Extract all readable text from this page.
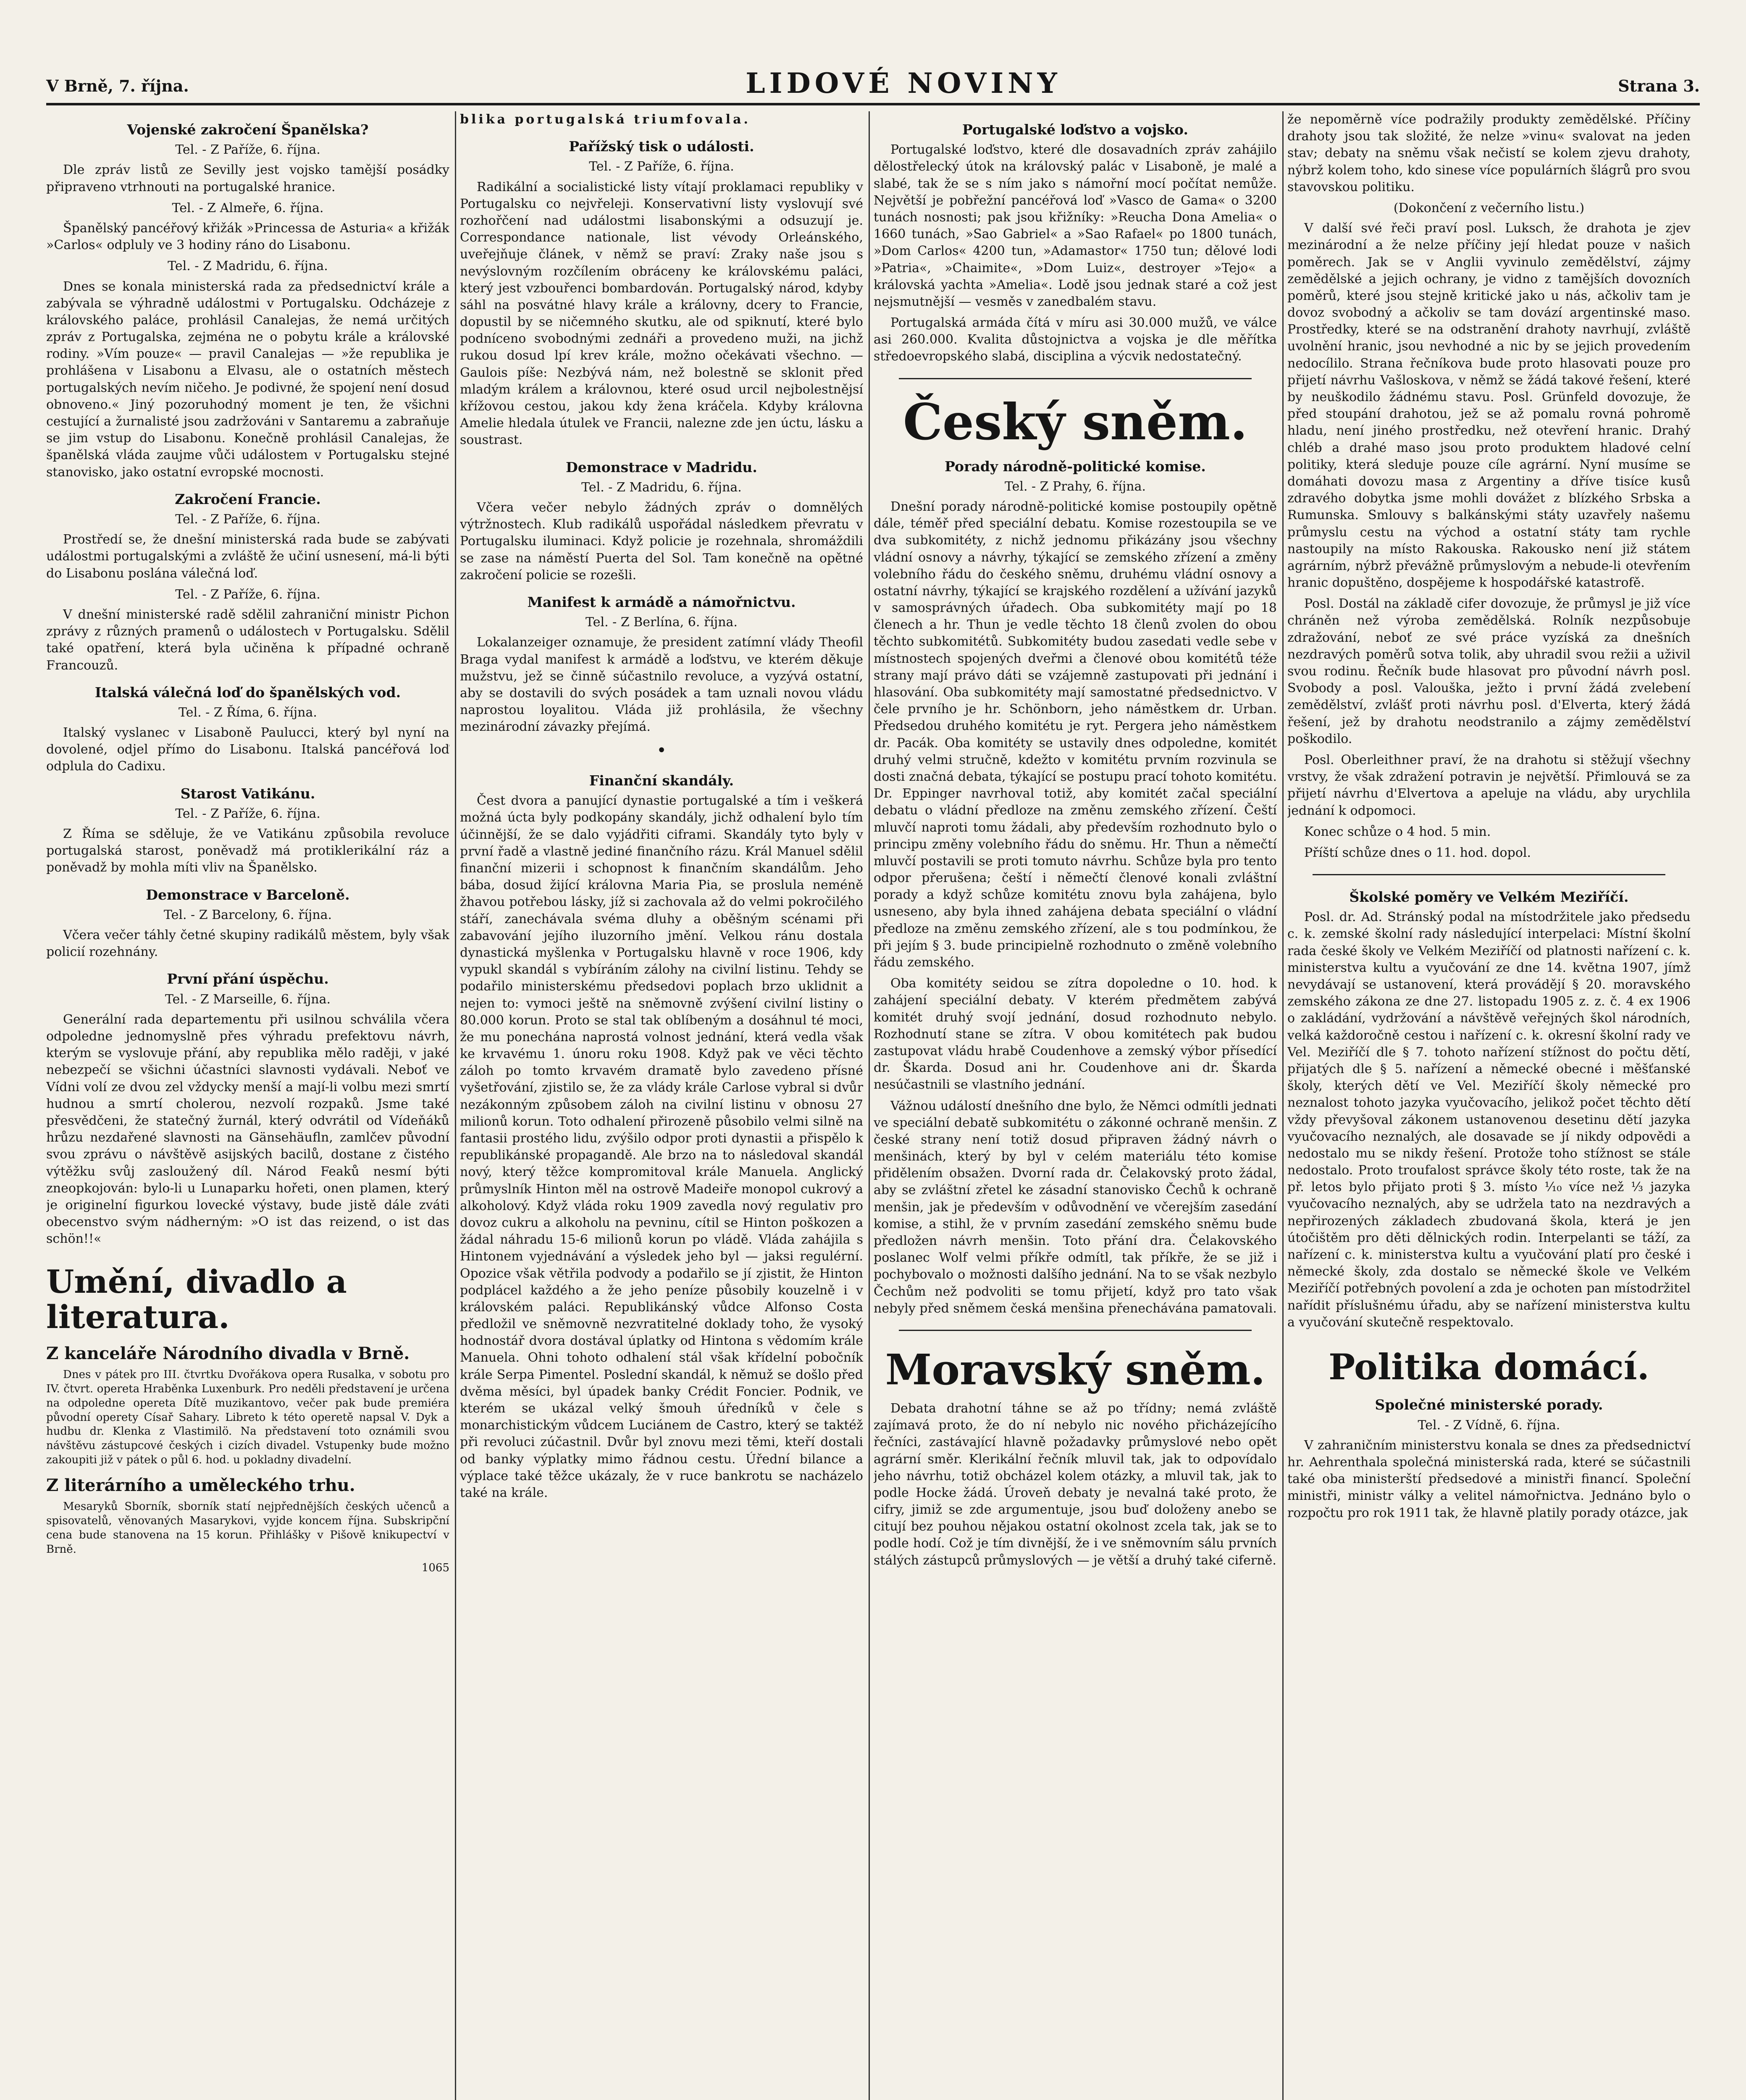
V Brně, 7. října.	LIDOVÉ NOVINY	Strana 3.
Vojenské zakročení Španělska?
Tel. - Z Paříže, 6. října.

Dle zpráv listů ze Sevilly jest vojsko tamější posádky připraveno vtrhnouti na portugalské hranice.

Tel. - Z Almeře, 6. října.

Španělský pancéřový křižák »Princessa de Asturia« a křižák »Carlos« odpluly ve 3 hodiny ráno do Lisabonu.

Tel. - Z Madridu, 6. října.

Dnes se konala ministerská rada za předsednictví krále a zabývala se výhradně událostmi v Portugalsku. Odcházeje z královského paláce, prohlásil Canalejas, že nemá určitých zpráv z Portugalska, zejména ne o pobytu krále a královské rodiny. »Vím pouze« — pravil Canalejas — »že republika je prohlášena v Lisabonu a Elvasu, ale o ostatních městech portugalských nevím ničeho. Je podivné, že spojení není dosud obnoveno.« Jiný pozoruhodný moment je ten, že všichni cestující a žurnalisté jsou zadržováni v Santaremu a zabraňuje se jim vstup do Lisabonu. Konečně prohlásil Canalejas, že španělská vláda zaujme vůči událostem v Portugalsku stejné stanovisko, jako ostatní evropské mocnosti.

Zakročení Francie.
Tel. - Z Paříže, 6. října.

Prostředí se, že dnešní ministerská rada bude se zabývati událostmi portugalskými a zvláště že učiní usnesení, má-li býti do Lisabonu poslána válečná loď.

Tel. - Z Paříže, 6. října.

V dnešní ministerské radě sdělil zahraniční ministr Pichon zprávy z různých pramenů o událostech v Portugalsku. Sdělil také opatření, která byla učiněna k případné ochraně Francouzů.

Italská válečná loď do španělských vod.
Tel. - Z Říma, 6. října.

Italský vyslanec v Lisaboně Paulucci, který byl nyní na dovolené, odjel přímo do Lisabonu. Italská pancéřová loď odplula do Cadixu.

Starost Vatikánu.
Tel. - Z Paříže, 6. října.

Z Říma se sděluje, že ve Vatikánu způsobila revoluce portugalská starost, poněvadž má protiklerikální ráz a poněvadž by mohla míti vliv na Španělsko.

Demonstrace v Barceloně.
Tel. - Z Barcelony, 6. října.

Včera večer táhly četné skupiny radikálů městem, byly však policií rozehnány.

První přání úspěchu.
Tel. - Z Marseille, 6. října.

Generální rada departementu při usilnou schválila včera odpoledne jednomyslně přes výhradu prefektovu návrh, kterým se vyslovuje přání, aby republika mělo raději, v jaké nebezpečí se všichni účastníci slavnosti vydávali. Neboť ve Vídni volí ze dvou zel vždycky menší a mají-li volbu mezi smrtí hudnou a smrtí cholerou, nezvolí rozpaků. Jsme také přesvědčeni, že statečný žurnál, který odvrátil od Vídeňáků hrůzu nezdařené slavnosti na Gänsehäufln, zamlčev původní svou zprávu o návštěvě asijských bacilů, dostane z čistého výtěžku svůj zasloužený díl. Národ Feaků nesmí býti zneopkojován: bylo-li u Lunaparku hořeti, onen plamen, který je originelní figurkou lovecké výstavy, bude jistě dále zváti obecenstvo svým nádherným: »O ist das reizend, o ist das schön!!«

Umění, divadlo a literatura.
Z kanceláře Národního divadla v Brně.

Dnes v pátek pro III. čtvrtku Dvořákova opera Rusalka, v sobotu pro IV. čtvrt. opereta Hraběnka Luxenburk. Pro neděli představení je určena na odpoledne opereta Dítě muzikantovo, večer pak bude premiéra původní operety Císař Sahary. Libreto k této operetě napsal V. Dyk a hudbu dr. Klenka z Vlastimilö. Na představení toto oznámili svou návštěvu zástupcové českých i cizích divadel. Vstupenky bude možno zakoupiti již v pátek o půl 6. hod. u pokladny divadelní.

Z literárního a uměleckého trhu.

Mesaryků Sborník, sborník statí nejpřednějších českých učenců a spisovatelů, věnovaných Masarykovi, vyjde koncem října. Subskripční cena bude stanovena na 15 korun. Přihlášky v Pišově knikupectví v Brně.

1065

blika portugalská triumfovala.

Pařížský tisk o události.
Tel. - Z Paříže, 6. října.

Radikální a socialistické listy vítají proklamaci republiky v Portugalsku co nejvřeleji. Konservativní listy vyslovují své rozhořčení nad událostmi lisabonskými a odsuzují je. Correspondance nationale, list vévody Orleánského, uveřejňuje článek, v němž se praví: Zraky naše jsou s nevýslovným rozčílením obráceny ke královskému paláci, který jest vzbouřenci bombardován. Portugalský národ, kdyby sáhl na posvátné hlavy krále a královny, dcery to Francie, dopustil by se ničemného skutku, ale od spiknutí, které bylo podníceno svobodnými zednáři a provedeno muži, na jichž rukou dosud lpí krev krále, možno očekávati všechno. — Gaulois píše: Nezbývá nám, než bolestně se sklonit před mladým králem a královnou, které osud urcil nejbolestnějsí křížovou cestou, jakou kdy žena kráčela. Kdyby královna Amelie hledala útulek ve Francii, nalezne zde jen úctu, lásku a soustrast.

Demonstrace v Madridu.
Tel. - Z Madridu, 6. října.

Včera večer nebylo žádných zpráv o domnělých výtržnostech. Klub radikálů uspořádal následkem převratu v Portugalsku iluminaci. Když policie je rozehnala, shromáždili se zase na náměstí Puerta del Sol. Tam konečně na opětné zakročení policie se rozešli.

Manifest k armádě a námořnictvu.
Tel. - Z Berlína, 6. října.

Lokalanzeiger oznamuje, že president zatímní vlády Theofil Braga vydal manifest k armádě a loďstvu, ve kterém děkuje mužstvu, jež se činně súčastnilo revoluce, a vyzývá ostatní, aby se dostavili do svých posádek a tam uznali novou vládu naprostou loyalitou. Vláda již prohlásila, že všechny mezinárodní závazky přejímá.

•
Finanční skandály.

Čest dvora a panující dynastie portugalské a tím i veškerá možná úcta byly podkopány skandály, jichž odhalení bylo tím účinnější, že se dalo vyjádřiti ciframi. Skandály tyto byly v první řadě a vlastně jediné finančního rázu. Král Manuel sdělil finanční mizerii i schopnost k finančním skandálům. Jeho bába, dosud žijící královna Maria Pia, se proslula neméně žhavou potřebou lásky, jíž si zachovala až do velmi pokročilého stáří, zanechávala svéma dluhy a oběšným scénami při zabavování jejího iluzorního jmění. Velkou ránu dostala dynastická myšlenka v Portugalsku hlavně v roce 1906, kdy vypukl skandál s vybíráním zálohy na civilní listinu. Tehdy se podařilo ministerskému předsedovi poplach brzo uklidnit a nejen to: vymoci ještě na sněmovně zvýšení civilní listiny o 80.000 korun. Proto se stal tak oblíbeným a dosáhnul té moci, že mu ponechána naprostá volnost jednání, která vedla však ke krvavému 1. únoru roku 1908. Když pak ve věci těchto záloh po tomto krvavém dramatě bylo zavedeno přísné vyšetřování, zjistilo se, že za vlády krále Carlose vybral si dvůr nezákonným způsobem záloh na civilní listinu v obnosu 27 milionů korun. Toto odhalení přirozeně působilo velmi silně na fantasii prostého lidu, zvýšilo odpor proti dynastii a přispělo k republikánské propagandě. Ale brzo na to následoval skandál nový, který těžce kompromitoval krále Manuela. Anglický průmyslník Hinton měl na ostrově Madeiře monopol cukrový a alkoholový. Když vláda roku 1909 zavedla nový regulativ pro dovoz cukru a alkoholu na pevninu, cítil se Hinton poškozen a žádal náhradu 15-6 milionů korun po vládě. Vláda zahájila s Hintonem vyjednávání a výsledek jeho byl — jaksi regulérní. Opozice však větřila podvody a podařilo se jí zjistit, že Hinton podplácel každého a že jeho peníze působily kouzelně i v královském paláci. Republikánský vůdce Alfonso Costa předložil ve sněmovně nezvratitelné doklady toho, že vysoký hodnostář dvora dostával úplatky od Hintona s vědomím krále Manuela. Ohni tohoto odhalení stál však křídelní pobočník krále Serpa Pimentel. Poslední skandál, k němuž se došlo před dvěma měsíci, byl úpadek banky Crédit Foncier. Podnik, ve kterém se ukázal velký šmouh úředníků v čele s monarchistickým vůdcem Luciánem de Castro, který se taktéž při revoluci zúčastnil. Dvůr byl znovu mezi těmi, kteří dostali od banky výplatky mimo řádnou cestu. Úřední bilance a výplace také těžce ukázaly, že v ruce bankrotu se nacházelo také na krále.

Portugalské loďstvo a vojsko.

Portugalské loďstvo, které dle dosavadních zpráv zahájilo dělostřelecký útok na královský palác v Lisaboně, je malé a slabé, tak že se s ním jako s námořní mocí počítat nemůže. Největší je pobřežní pancéřová loď »Vasco de Gama« o 3200 tunách nosnosti; pak jsou křižníky: »Reucha Dona Amelia« o 1660 tunách, »Sao Gabriel« a »Sao Rafael« po 1800 tunách, »Dom Carlos« 4200 tun, »Adamastor« 1750 tun; dělové lodi »Patria«, »Chaimite«, »Dom Luiz«, destroyer »Tejo« a královská yachta »Amelia«. Lodě jsou jednak staré a což jest nejsmutnější — vesměs v zanedbalém stavu.

Portugalská armáda čítá v míru asi 30.000 mužů, ve válce asi 260.000. Kvalita důstojnictva a vojska je dle měřítka středoevropského slabá, disciplina a výcvik nedostatečný.

Český sněm.
Porady národně-politické komise.
Tel. - Z Prahy, 6. října.

Dnešní porady národně-politické komise postoupily opětně dále, téměř před speciální debatu. Komise rozestoupila se ve dva subkomitéty, z nichž jednomu přikázány jsou všechny vládní osnovy a návrhy, týkající se zemského zřízení a změny volebního řádu do českého sněmu, druhému vládní osnovy a ostatní návrhy, týkající se krajského rozdělení a užívání jazyků v samosprávných úřadech. Oba subkomitéty mají po 18 členech a hr. Thun je vedle těchto 18 členů zvolen do obou těchto subkomitétů. Subkomitéty budou zasedati vedle sebe v místnostech spojených dveřmi a členové obou komitétů téže strany mají právo dáti se vzájemně zastupovati při jednání i hlasování. Oba subkomitéty mají samostatné předsednictvo. V čele prvního je hr. Schönborn, jeho náměstkem dr. Urban. Předsedou druhého komitétu je ryt. Pergera jeho náměstkem dr. Pacák. Oba komitéty se ustavily dnes odpoledne, komitét druhý velmi stručně, kdežto v komitétu prvním rozvinula se dosti značná debata, týkající se postupu prací tohoto komitétu. Dr. Eppinger navrhoval totiž, aby komitét začal speciální debatu o vládní předloze na změnu zemského zřízení. Čeští mluvčí naproti tomu žádali, aby především rozhodnuto bylo o principu změny volebního řádu do sněmu. Hr. Thun a němečtí mluvčí postavili se proti tomuto návrhu. Schůze byla pro tento odpor přerušena; čeští i němečtí členové konali zvláštní porady a když schůze komitétu znovu byla zahájena, bylo usneseno, aby byla ihned zahájena debata speciální o vládní předloze na změnu zemského zřízení, ale s tou podmínkou, že při jejím § 3. bude principielně rozhodnuto o změně volebního řádu zemského.

Oba komitéty seidou se zítra dopoledne o 10. hod. k zahájení speciální debaty. V kterém předmětem zabývá komitét druhý svojí jednání, dosud rozhodnuto nebylo. Rozhodnutí stane se zítra. V obou komitétech pak budou zastupovat vládu hrabě Coudenhove a zemský výbor přísedící dr. Škarda. Dosud ani hr. Coudenhove ani dr. Škarda nesúčastnili se vlastního jednání.

Vážnou událostí dnešního dne bylo, že Němci odmítli jednati ve speciální debatě subkomitétu o zákonné ochraně menšin. Z české strany není totiž dosud připraven žádný návrh o menšinách, který by byl v celém materiálu této komise přidělením obsažen. Dvorní rada dr. Čelakovský proto žádal, aby se zvláštní zřetel ke zásadní stanovisko Čechů k ochraně menšin, jak je především v odůvodnění ve včerejším zasedání komise, a stihl, že v prvním zasedání zemského sněmu bude předložen návrh menšin. Toto přání dra. Čelakovského poslanec Wolf velmi příkře odmítl, tak příkře, že se již i pochybovalo o možnosti dalšího jednání. Na to se však nezbylo Čechům než podvoliti se tomu přijetí, když pro tato však nebyly před sněmem česká menšina přenechávána pamatovali.

Moravský sněm.

Debata drahotní táhne se až po třídny; nemá zvláště zajímavá proto, že do ní nebylo nic nového přicházejícího řečníci, zastávající hlavně požadavky průmyslové nebo opět agrární směr. Klerikální řečník mluvil tak, jak to odpovídalo jeho návrhu, totiž obcházel kolem otázky, a mluvil tak, jak to podle Hocke žádá. Úroveň debaty je nevalná také proto, že cifry, jimiž se zde argumentuje, jsou buď doloženy anebo se citují bez pouhou nějakou ostatní okolnost zcela tak, jak se to podle hodí. Což je tím divnější, že i ve sněmovním sálu prvních stálých zástupců průmyslových — je větší a druhý také ciferně.

že nepoměrně více podražily produkty zemědělské. Příčiny drahoty jsou tak složité, že nelze »vinu« svalovat na jeden stav; debaty na sněmu však nečistí se kolem zjevu drahoty, nýbrž kolem toho, kdo sinese více populárních šlágrů pro svou stavovskou politiku.

(Dokončení z večerního listu.)

V další své řeči praví posl. Luksch, že drahota je zjev mezinárodní a že nelze příčiny její hledat pouze v našich poměrech. Jak se v Anglii vyvinulo zemědělství, zájmy zemědělské a jejich ochrany, je vidno z tamějších dovozních poměrů, které jsou stejně kritické jako u nás, ačkoliv tam je dovoz svobodný a ačkoliv se tam dovází argentinské maso. Prostředky, které se na odstranění drahoty navrhují, zvláště uvolnění hranic, jsou nevhodné a nic by se jejich provedením nedocílilo. Strana řečníkova bude proto hlasovati pouze pro přijetí návrhu Vašloskova, v němž se žádá takové řešení, které by neuškodilo žádnému stavu. Posl. Grünfeld dovozuje, že před stoupání drahotou, jež se až pomalu rovná pohromě hladu, není jiného prostředku, než otevření hranic. Drahý chléb a drahé maso jsou proto produktem hladové celní politiky, která sleduje pouze cíle agrární. Nyní musíme se domáhati dovozu masa z Argentiny a dříve tisíce kusů zdravého dobytka jsme mohli dovážet z blízkého Srbska a Rumunska. Smlouvy s balkánskými státy uzavřely našemu průmyslu cestu na východ a ostatní státy tam rychle nastoupily na místo Rakouska. Rakousko není již státem agrárním, nýbrž převážně průmyslovým a nebude-li otevřením hranic dopuštěno, dospějeme k hospodářské katastrofě.

Posl. Dostál na základě cifer dovozuje, že průmysl je již více chráněn než výroba zemědělská. Rolník nezpůsobuje zdražování, neboť ze své práce vyzíská za dnešních nezdravých poměrů sotva tolik, aby uhradil svou režii a uživil svou rodinu. Řečník bude hlasovat pro původní návrh posl. Svobody a posl. Valouška, ježto i první žádá zvelebení zemědělství, zvlášť proti návrhu posl. d'Elvertа, který žádá řešení, jež by drahotu neodstranilo a zájmy zemědělství poškodilo.

Posl. Oberleithner praví, že na drahotu si stěžují všechny vrstvy, že však zdražení potravin je největší. Přimlouvá se za přijetí návrhu d'Elvertova a apeluje na vládu, aby urychlila jednání k odpomoci.

Konec schůze o 4 hod. 5 min.

Příští schůze dnes o 11. hod. dopol.

Školské poměry ve Velkém Meziříčí.

Posl. dr. Ad. Stránský podal na místodržitele jako předsedu c. k. zemské školní rady následující interpelaci: Místní školní rada české školy ve Velkém Meziříčí od platnosti nařízení c. k. ministerstva kultu a vyučování ze dne 14. května 1907, jímž nevydávají se ustanovení, která provádějí § 20. moravského zemského zákona ze dne 27. listopadu 1905 z. z. č. 4 ex 1906 o zakládání, vydržování a návštěvě veřejných škol národních, velká každoročně cestou i nařízení c. k. okresní školní rady ve Vel. Meziříčí dle § 7. tohoto nařízení stížnost do počtu dětí, přijatých dle § 5. nařízení a německé obecné i měšťanské školy, kterých dětí ve Vel. Meziříčí školy německé pro neznalost tohoto jazyka vyučovacího, jelikož počet těchto dětí vždy převyšoval zákonem ustanovenou desetinu dětí jazyka vyučovacího neznalých, ale dosavade se jí nikdy odpovědi a nedostalo mu se nikdy řešení. Protože toho stížnost se stále nedostalo. Proto troufalost správce školy této roste, tak že na př. letos bylo přijato proti § 3. místo ¹⁄₁₀ více než ¹⁄₃ jazyka vyučovacího neznalých, aby se udržela tato na nezdravých a nepřirozených základech zbudovaná škola, která je jen útočištěm pro děti dělnických rodin. Interpelanti se táží, za nařízení c. k. ministerstva kultu a vyučování platí pro české i německé školy, zda dostalo se německé škole ve Velkém Meziříčí potřebných povolení a zda je ochoten pan místodržitel nařídit příslušnému úřadu, aby se nařízení ministerstva kultu a vyučování skutečně respektovalo.

Politika domácí.
Společné ministerské porady.
Tel. - Z Vídně, 6. října.

V zahraničním ministerstvu konala se dnes za předsednictví hr. Aehrenthala společná ministerská rada, které se súčastnili také oba ministerští předsedové a ministři financí. Společní ministři, ministr války a velitel námořnictva. Jednáno bylo o rozpočtu pro rok 1911 tak, že hlavně platily porady otázce, jak
